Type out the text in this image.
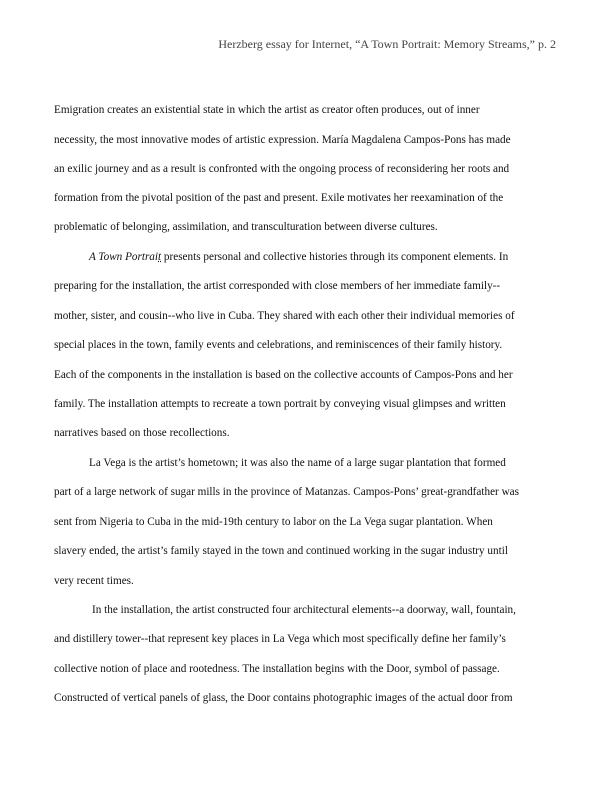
Herzberg essay for Internet, “A Town Portrait: Memory Streams,” p. 2
Emigration creates an existential state in which the artist as creator often produces, out of inner
necessity, the most innovative modes of artistic expression. María Magdalena Campos-Pons has made
an exilic journey and as a result is confronted with the ongoing process of reconsidering her roots and
formation from the pivotal position of the past and present. Exile motivates her reexamination of the
problematic of belonging, assimilation, and transculturation between diverse cultures.
A Town Portrait presents personal and collective histories through its component elements. In
preparing for the installation, the artist corresponded with close members of her immediate family--
mother, sister, and cousin--who live in Cuba. They shared with each other their individual memories of
special places in the town, family events and celebrations, and reminiscences of their family history.
Each of the components in the installation is based on the collective accounts of Campos-Pons and her
family. The installation attempts to recreate a town portrait by conveying visual glimpses and written
narratives based on those recollections.
La Vega is the artist’s hometown; it was also the name of a large sugar plantation that formed
part of a large network of sugar mills in the province of Matanzas. Campos-Pons’ great-grandfather was
sent from Nigeria to Cuba in the mid-19th century to labor on the La Vega sugar plantation. When
slavery ended, the artist’s family stayed in the town and continued working in the sugar industry until
very recent times.
In the installation, the artist constructed four architectural elements--a doorway, wall, fountain,
and distillery tower--that represent key places in La Vega which most specifically define her family’s
collective notion of place and rootedness. The installation begins with the Door, symbol of passage.
Constructed of vertical panels of glass, the Door contains photographic images of the actual door from
